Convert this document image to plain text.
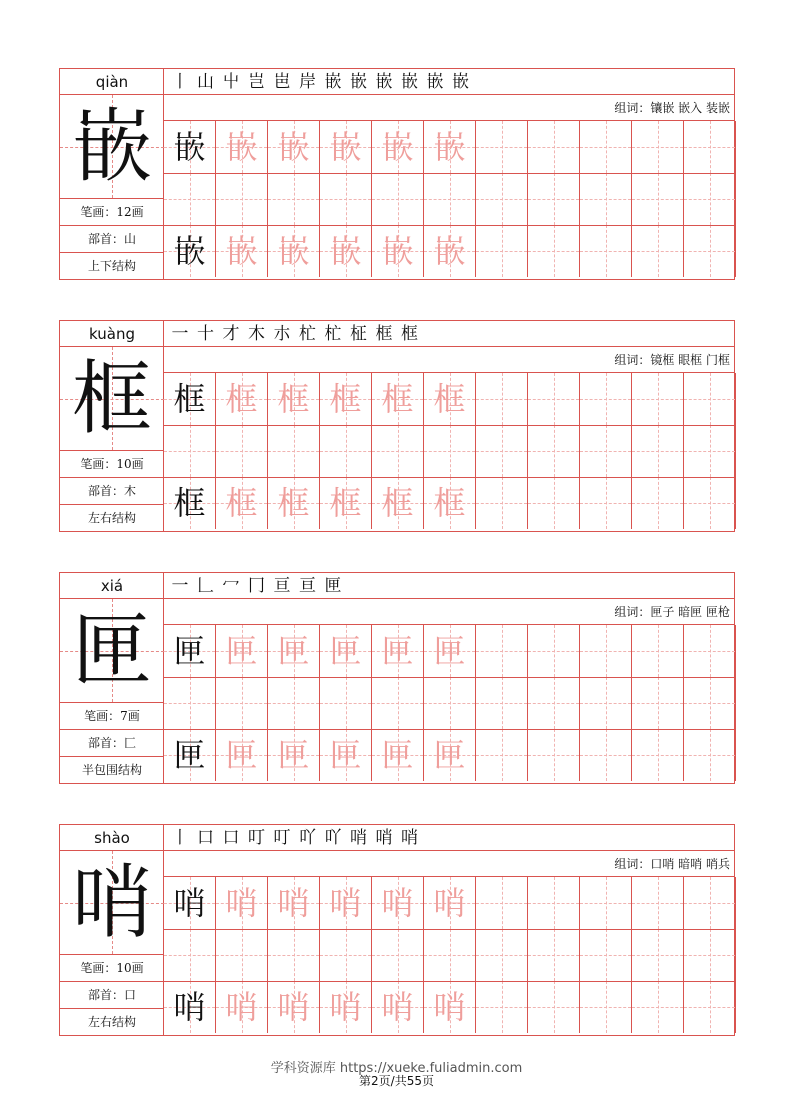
qiàn
嵌
笔画：12画
部首：山
上下结构
丨 山 屮 岂 岜 岸 嵌 嵌 嵌 嵌 嵌 嵌
组词：镶嵌 嵌入 装嵌
嵌 嵌 嵌 嵌 嵌 嵌
嵌 嵌 嵌 嵌 嵌 嵌
kuàng
框
笔画：10画
部首：木
左右结构
一 十 才 木 朩 杧 杧 柾 框 框
组词：镜框 眼框 门框
框 框 框 框 框 框
框 框 框 框 框 框
xiá
匣
笔画：7画
部首：匚
半包围结构
一 𠃊 冖 冂 亘 亘 匣
组词：匣子 暗匣 匣枪
匣 匣 匣 匣 匣 匣
匣 匣 匣 匣 匣 匣
shào
哨
笔画：10画
部首：口
左右结构
丨 口 口 叮 叮 吖 吖 哨 哨 哨
组词：口哨 暗哨 哨兵
哨 哨 哨 哨 哨 哨
哨 哨 哨 哨 哨 哨
学科资源库 https://xueke.fuliadmin.com
第2页/共55页
